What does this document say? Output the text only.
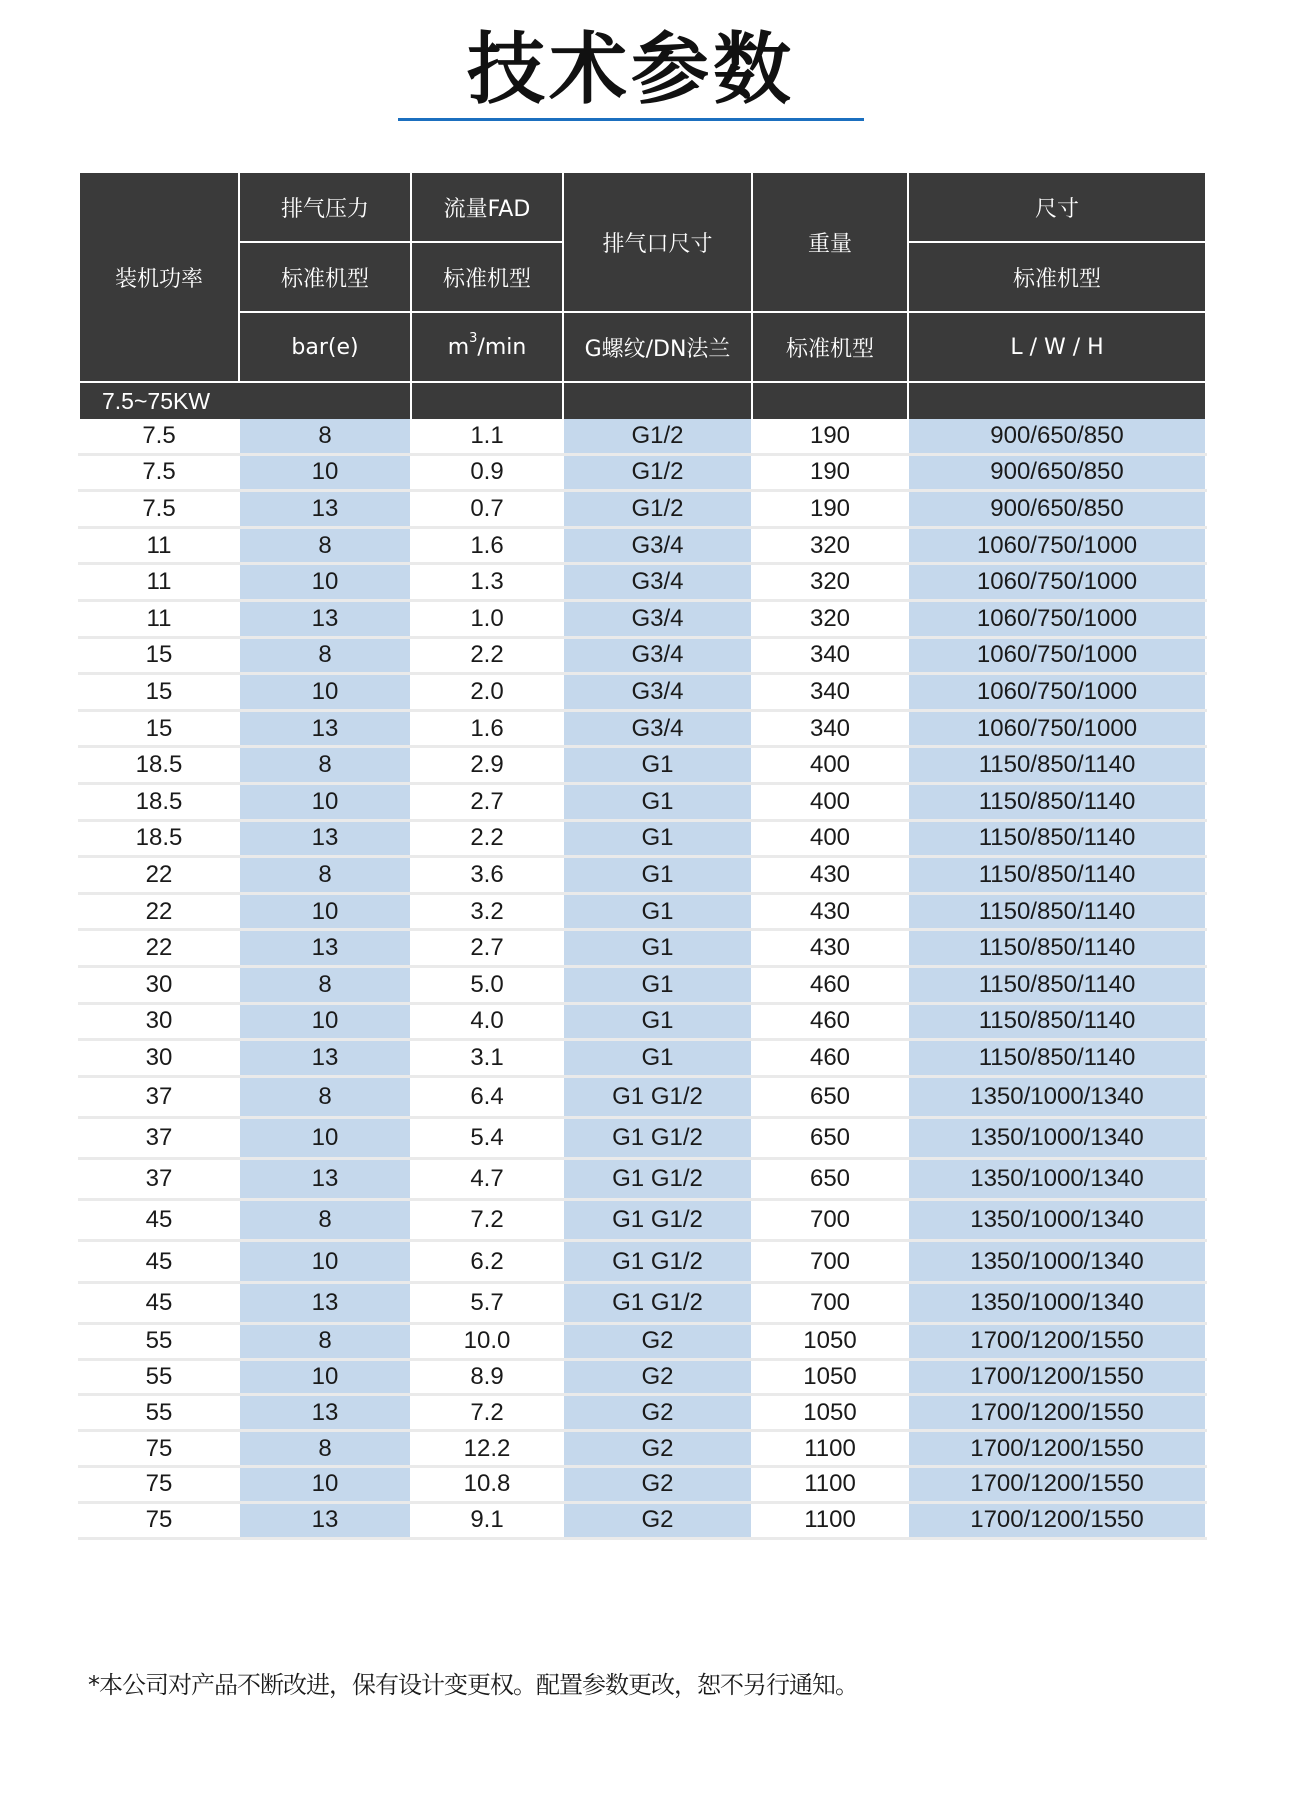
技术参数
装机功率	排气压力	流量FAD	排气口尺寸	重量	尺寸
	标准机型	标准机型			标准机型
	bar(e)	$m^3/\min$	G螺纹/DN法兰	标准机型	L / W / H
7.5~75KW					
7.5	8	1.1	G1/2	190	900/650/850
7.5	10	0.9	G1/2	190	900/650/850
7.5	13	0.7	G1/2	190	900/650/850
11	8	1.6	G3/4	320	1060/750/1000
11	10	1.3	G3/4	320	1060/750/1000
11	13	1.0	G3/4	320	1060/750/1000
15	8	2.2	G3/4	340	1060/750/1000
15	10	2.0	G3/4	340	1060/750/1000
15	13	1.6	G3/4	340	1060/750/1000
18.5	8	2.9	G1	400	1150/850/1140
18.5	10	2.7	G1	400	1150/850/1140
18.5	13	2.2	G1	400	1150/850/1140
22	8	3.6	G1	430	1150/850/1140
22	10	3.2	G1	430	1150/850/1140
22	13	2.7	G1	430	1150/850/1140
30	8	5.0	G1	460	1150/850/1140
30	10	4.0	G1	460	1150/850/1140
30	13	3.1	G1	460	1150/850/1140
37	8	6.4	G1 G1/2	650	1350/1000/1340
37	10	5.4	G1 G1/2	650	1350/1000/1340
37	13	4.7	G1 G1/2	650	1350/1000/1340
45	8	7.2	G1 G1/2	700	1350/1000/1340
45	10	6.2	G1 G1/2	700	1350/1000/1340
45	13	5.7	G1 G1/2	700	1350/1000/1340
55	8	10.0	G2	1050	1700/1200/1550
55	10	8.9	G2	1050	1700/1200/1550
55	13	7.2	G2	1050	1700/1200/1550
75	8	12.2	G2	1100	1700/1200/1550
75	10	10.8	G2	1100	1700/1200/1550
75	13	9.1	G2	1100	1700/1200/1550
*本公司对产品不断改进，保有设计变更权。配置参数更改，恕不另行通知。
